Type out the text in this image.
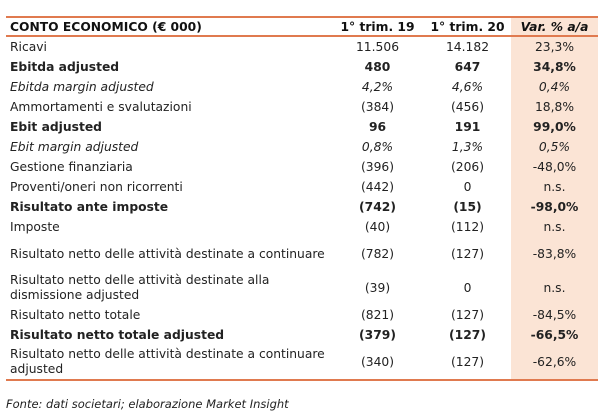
CONTO ECONOMICO (€ 000)	1° trim. 19	1° trim. 20	Var. % a/a
Ricavi	11.506	14.182	23,3%
Ebitda adjusted	480	647	34,8%
Ebitda margin adjusted	4,2%	4,6%	0,4%
Ammortamenti e svalutazioni	(384)	(456)	18,8%
Ebit adjusted	96	191	99,0%
Ebit margin adjusted	0,8%	1,3%	0,5%
Gestione finanziaria	(396)	(206)	-48,0%
Proventi/oneri non ricorrenti	(442)	0	n.s.
Risultato ante imposte	(742)	(15)	-98,0%
Imposte	(40)	(112)	n.s.
Risultato netto delle attività destinate a continuare	(782)	(127)	-83,8%
Risultato netto delle attività destinate alla dismissione adjusted	(39)	0	n.s.
Risultato netto totale	(821)	(127)	-84,5%
Risultato netto totale adjusted	(379)	(127)	-66,5%
Risultato netto delle attività destinate a continuare adjusted	(340)	(127)	-62,6%
Fonte: dati societari; elaborazione Market Insight
